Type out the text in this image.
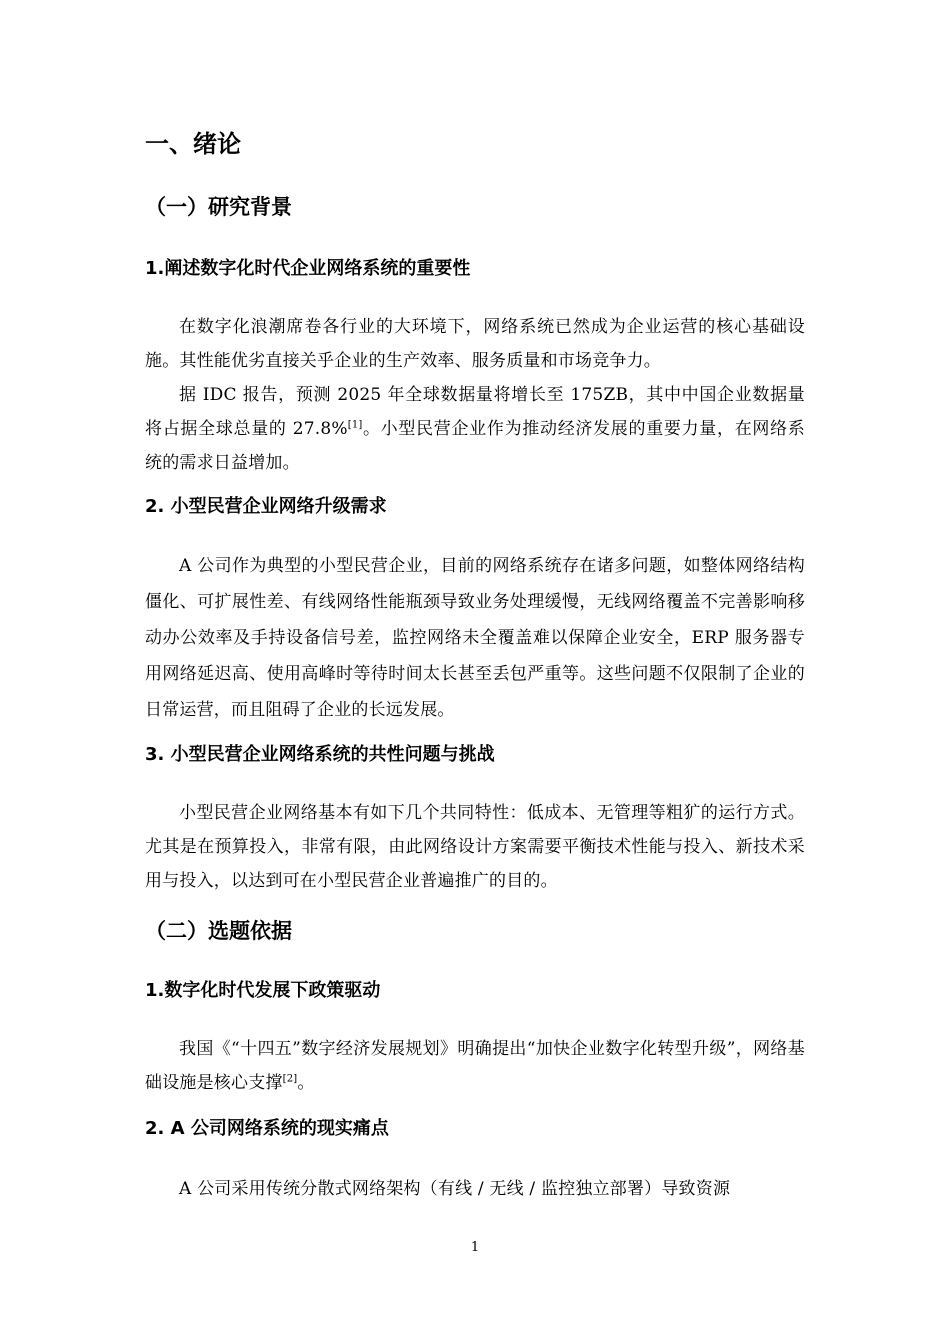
一、绪论
（一）研究背景
1.阐述数字化时代企业网络系统的重要性

在数字化浪潮席卷各行业的大环境下，网络系统已然成为企业运营的核心基础设施。其性能优劣直接关乎企业的生产效率、服务质量和市场竞争力。

据 IDC 报告，预测 2025 年全球数据量将增长至 175ZB，其中中国企业数据量将占据全球总量的 27.8%[1]。小型民营企业作为推动经济发展的重要力量，在网络系统的需求日益增加。

2. 小型民营企业网络升级需求

A 公司作为典型的小型民营企业，目前的网络系统存在诸多问题，如整体网络结构僵化、可扩展性差、有线网络性能瓶颈导致业务处理缓慢，无线网络覆盖不完善影响移动办公效率及手持设备信号差，监控网络未全覆盖难以保障企业安全，ERP 服务器专用网络延迟高、使用高峰时等待时间太长甚至丢包严重等。这些问题不仅限制了企业的日常运营，而且阻碍了企业的长远发展。

3. 小型民营企业网络系统的共性问题与挑战

小型民营企业网络基本有如下几个共同特性：低成本、无管理等粗犷的运行方式。尤其是在预算投入，非常有限，由此网络设计方案需要平衡技术性能与投入、新技术采用与投入，以达到可在小型民营企业普遍推广的目的。

（二）选题依据
1.数字化时代发展下政策驱动

我国《“十四五”数字经济发展规划》明确提出“加快企业数字化转型升级”，网络基础设施是核心支撑[2]。

2. A 公司网络系统的现实痛点

A 公司采用传统分散式网络架构（有线 / 无线 / 监控独立部署）导致资源

1
